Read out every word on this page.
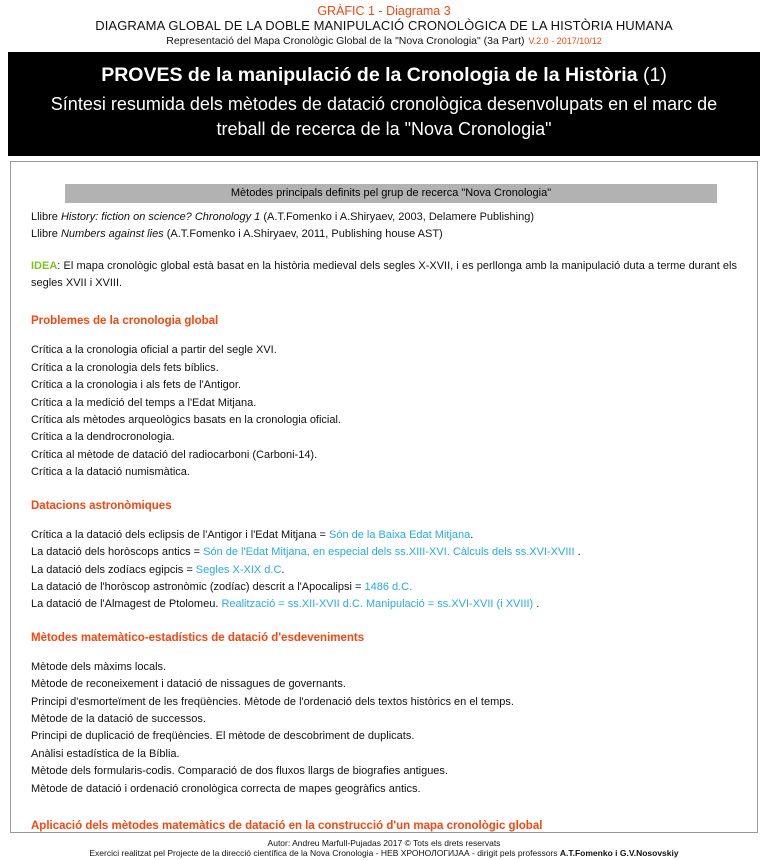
GRÀFIC 1 - Diagrama 3
DIAGRAMA GLOBAL DE LA DOBLE MANIPULACIÓ CRONOLÒGICA DE LA HISTÒRIA HUMANA
Representació del Mapa Cronològic Global de la "Nova Cronologia" (3a Part) V.2.0 - 2017/10/12
PROVES de la manipulació de la Cronologia de la Història (1)
Síntesi resumida dels mètodes de datació cronològica desenvolupats en el marc de treball de recerca de la "Nova Cronologia"
Mètodes principals definits pel grup de recerca "Nova Cronologia"
Llibre History: fiction on science? Chronology 1 (A.T.Fomenko i A.Shiryaev, 2003, Delamere Publishing)
Llibre Numbers against lies (A.T.Fomenko i A.Shiryaev, 2011, Publishing house AST)

IDEA: El mapa cronològic global està basat en la història medieval dels segles X-XVII, i es perllonga amb la manipulació duta a terme durant els segles XVII i XVIII.

Problemes de la cronologia global
Crítica a la cronologia oficial a partir del segle XVI.
Crítica a la cronologia dels fets bíblics.
Crítica a la cronologia i als fets de l'Antigor.
Crítica a la medició del temps a l'Edat Mitjana.
Crítica als mètodes arqueològics basats en la cronologia oficial.
Crítica a la dendrocronologia.
Crítica al mètode de datació del radiocarboni (Carboni-14).
Crítica a la datació numismàtica.
Datacions astronòmiques
Crítica a la datació dels eclipsis de l'Antigor i l'Edat Mitjana = Són de la Baixa Edat Mitjana.
La datació dels horòscops antics = Són de l'Edat Mitjana, en especial dels ss.XIII-XVI. Càlculs dels ss.XVI-XVIII .
La datació dels zodíacs egipcis = Segles X-XIX d.C.
La datació de l'horòscop astronòmic (zodíac) descrit a l'Apocalipsi = 1486 d.C.
La datació de l'Almagest de Ptolomeu. Realització = ss.XII-XVII d.C. Manipulació = ss.XVI-XVII (i XVIII) .
Mètodes matemàtico-estadístics de datació d'esdeveniments
Mètode dels màxims locals.
Mètode de reconeixement i datació de nissagues de governants.
Principi d'esmorteïment de les freqüències. Mètode de l'ordenació dels textos històrics en el temps.
Mètode de la datació de successos.
Principi de duplicació de freqüències. El mètode de descobriment de duplicats.
Anàlisi estadística de la Bíblia.
Mètode dels formularis-codis. Comparació de dos fluxos llargs de biografies antigues.
Mètode de datació i ordenació cronològica correcta de mapes geogràfics antics.
Aplicació dels mètodes matemàtics de datació en la construcció d'un mapa cronològic global
Autor: Andreu Marfull-Pujadas 2017 © Tots els drets reservats
Exercici realitzat pel Projecte de la direcció científica de la Nova Cronologia - НЕВ ХРОНОЛОГИЈАА - dirigit pels professors A.T.Fomenko i G.V.Nosovskiy
